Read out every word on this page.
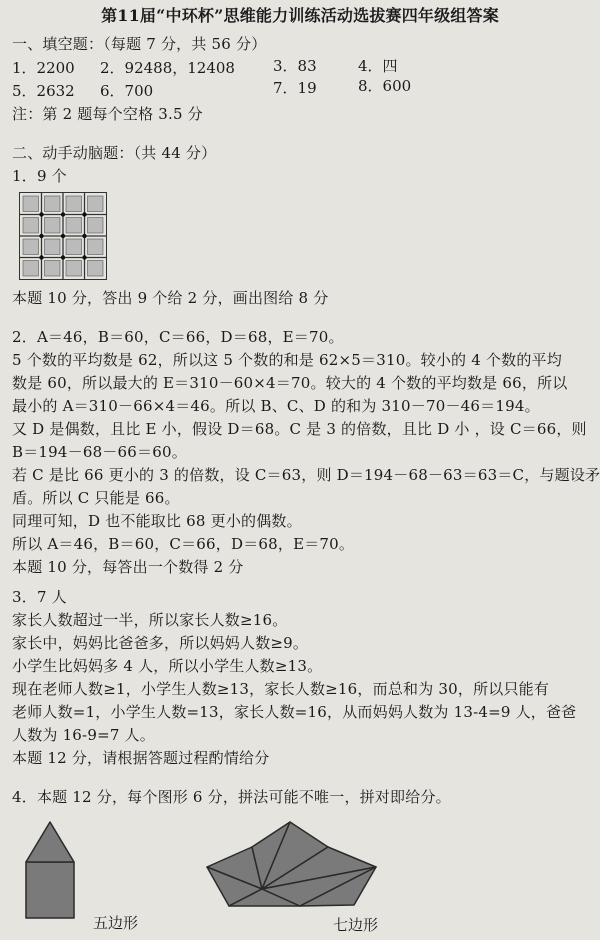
第11届“中环杯”思维能力训练活动选拔赛四年级组答案
一、填空题：（每题 7 分，共 56 分）
1．2200 2．92488，12408	3．83	4．四
5．2632 6．700	7．19	8．600
注：第 2 题每个空格 3.5 分
二、动手动脑题：（共 44 分）
1．9 个
本题 10 分，答出 9 个给 2 分，画出图给 8 分
2．A＝46，B＝60，C＝66，D＝68，E＝70。
5 个数的平均数是 62，所以这 5 个数的和是 62×5＝310。较小的 4 个数的平均
数是 60，所以最大的 E＝310－60×4＝70。较大的 4 个数的平均数是 66，所以
最小的 A＝310－66×4＝46。所以 B、C、D 的和为 310－70－46＝194。
又 D 是偶数，且比 E 小，假设 D＝68。C 是 3 的倍数，且比 D 小 ，设 C＝66，则
B＝194－68－66＝60。
若 C 是比 66 更小的 3 的倍数，设 C＝63，则 D＝194－68－63＝63＝C，与题设矛
盾。所以 C 只能是 66。
同理可知，D 也不能取比 68 更小的偶数。
所以 A＝46，B＝60，C＝66，D＝68，E＝70。
本题 10 分，每答出一个数得 2 分
3．7 人
家长人数超过一半，所以家长人数≥16。
家长中，妈妈比爸爸多，所以妈妈人数≥9。
小学生比妈妈多 4 人，所以小学生人数≥13。
现在老师人数≥1，小学生人数≥13，家长人数≥16，而总和为 30，所以只能有
老师人数=1，小学生人数=13，家长人数=16，从而妈妈人数为 13-4=9 人，爸爸
人数为 16-9=7 人。
本题 12 分，请根据答题过程酌情给分
4．本题 12 分，每个图形 6 分，拼法可能不唯一，拼对即给分。
五边形	七边形
